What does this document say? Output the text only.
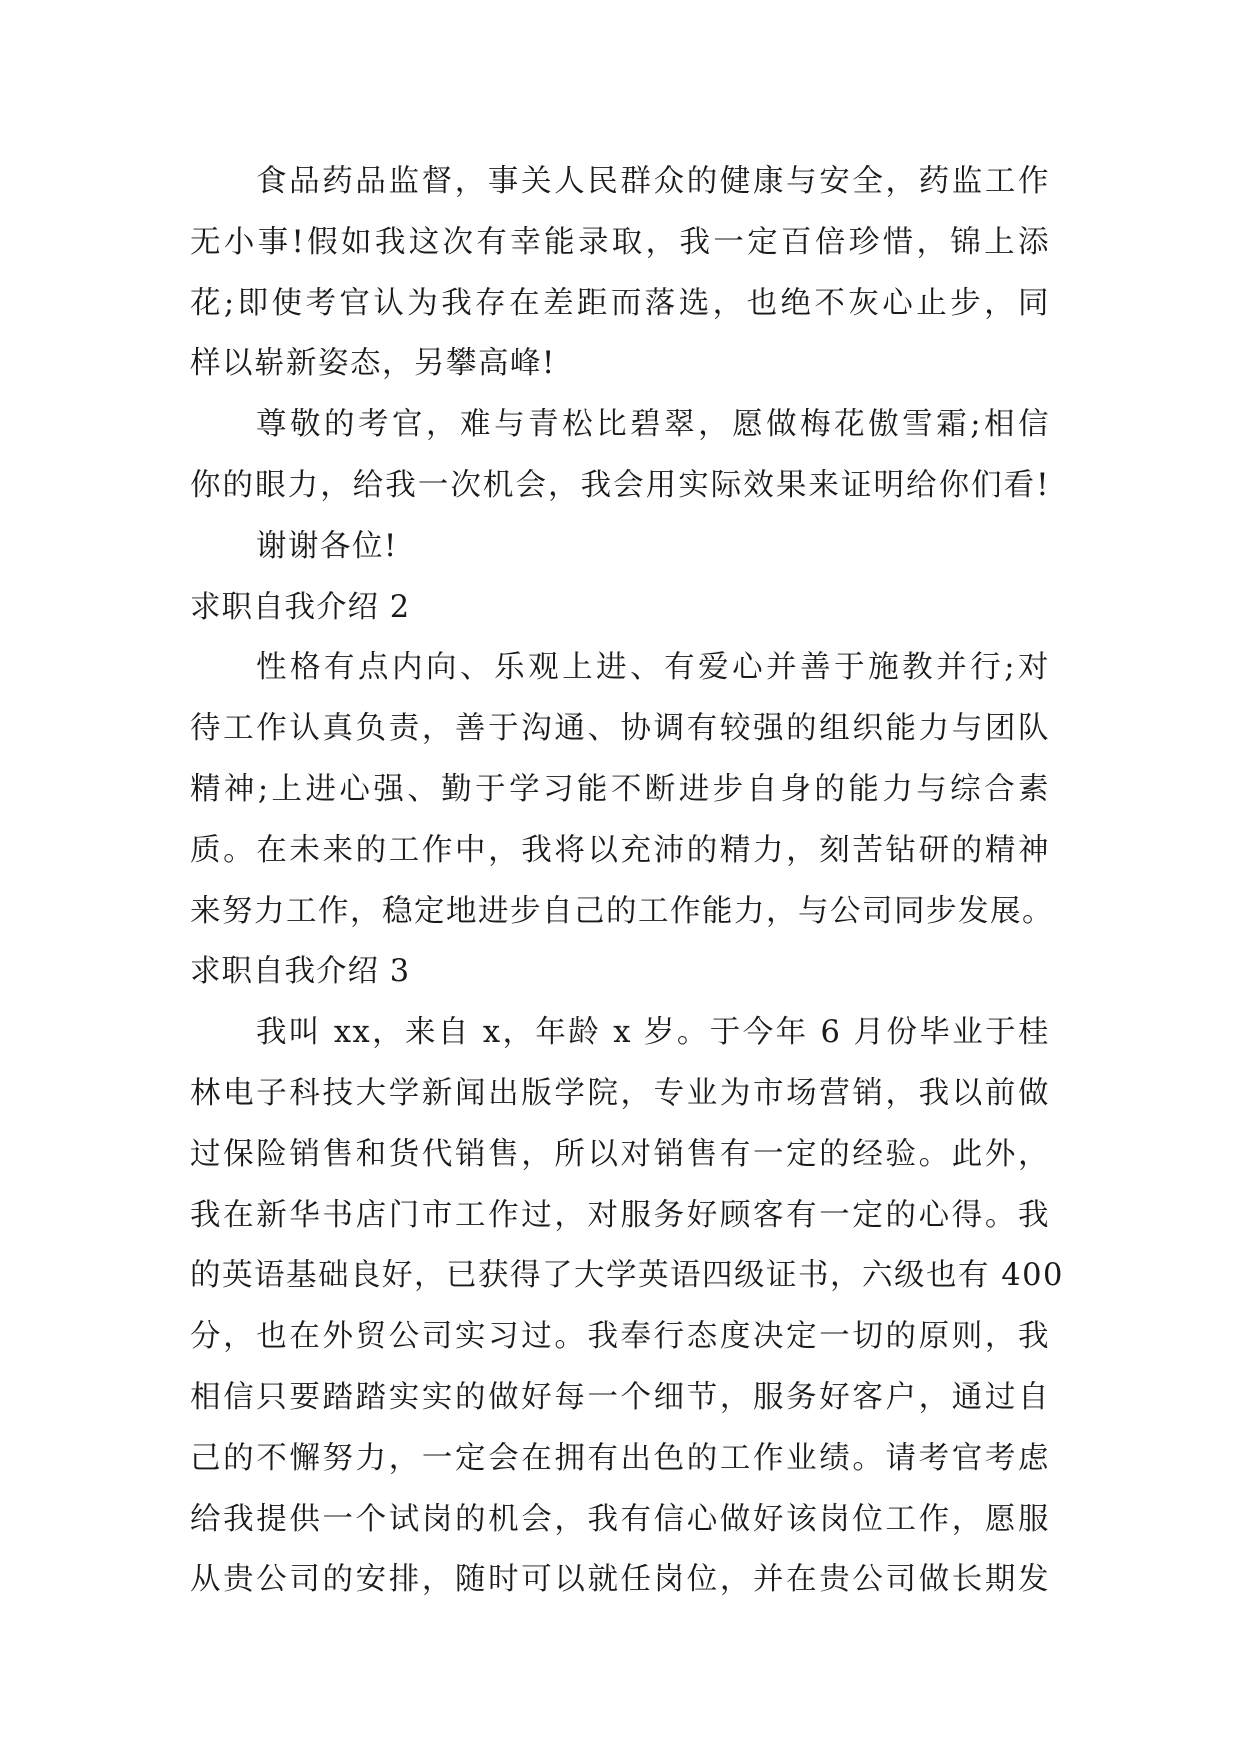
食品药品监督，事关人民群众的健康与安全，药监工作
无小事!假如我这次有幸能录取，我一定百倍珍惜，锦上添
花;即使考官认为我存在差距而落选，也绝不灰心止步，同
样以崭新姿态，另攀高峰!
尊敬的考官，难与青松比碧翠，愿做梅花傲雪霜;相信
你的眼力，给我一次机会，我会用实际效果来证明给你们看!
谢谢各位!
求职自我介绍 2
性格有点内向、乐观上进、有爱心并善于施教并行;对
待工作认真负责，善于沟通、协调有较强的组织能力与团队
精神;上进心强、勤于学习能不断进步自身的能力与综合素
质。在未来的工作中，我将以充沛的精力，刻苦钻研的精神
来努力工作，稳定地进步自己的工作能力，与公司同步发展。
求职自我介绍 3
我叫 xx，来自 x，年龄 x 岁。于今年 6 月份毕业于桂
林电子科技大学新闻出版学院，专业为市场营销，我以前做
过保险销售和货代销售，所以对销售有一定的经验。此外，
我在新华书店门市工作过，对服务好顾客有一定的心得。我
的英语基础良好，已获得了大学英语四级证书，六级也有 400
分，也在外贸公司实习过。我奉行态度决定一切的原则，我
相信只要踏踏实实的做好每一个细节，服务好客户，通过自
己的不懈努力，一定会在拥有出色的工作业绩。请考官考虑
给我提供一个试岗的机会，我有信心做好该岗位工作，愿服
从贵公司的安排，随时可以就任岗位，并在贵公司做长期发
